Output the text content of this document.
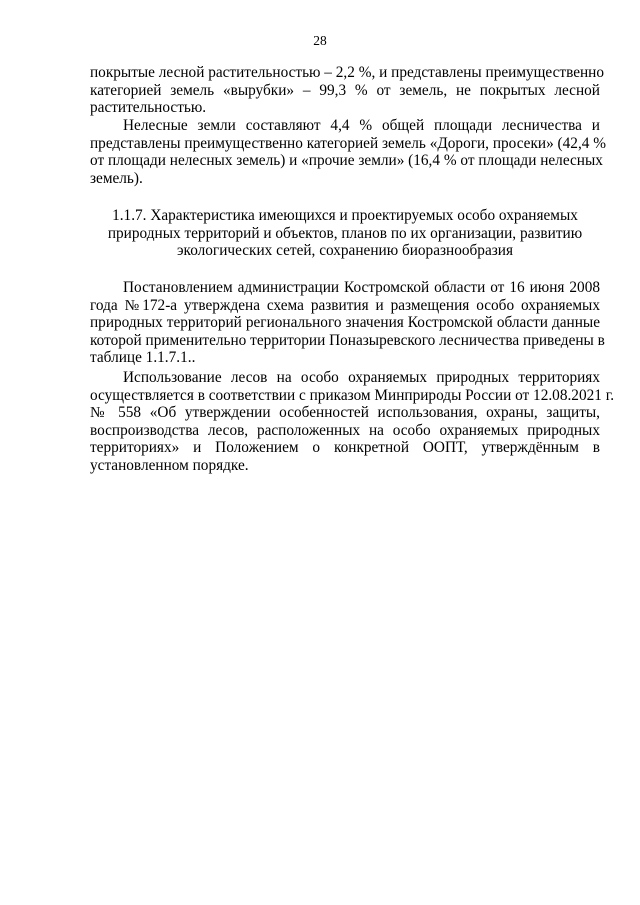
28
покрытые лесной растительностью – 2,2 %, и представлены преимущественно
категорией земель «вырубки» – 99,3 % от земель, не покрытых лесной
растительностью.
Нелесные земли составляют 4,4 % общей площади лесничества и
представлены преимущественно категорией земель «Дороги, просеки» (42,4 %
от площади нелесных земель) и «прочие земли» (16,4 % от площади нелесных
земель).
1.1.7. Характеристика имеющихся и проектируемых особо охраняемых
природных территорий и объектов, планов по их организации, развитию
экологических сетей, сохранению биоразнообразия
Постановлением администрации Костромской области от 16 июня 2008
года №172-а утверждена схема развития и размещения особо охраняемых
природных территорий регионального значения Костромской области данные
которой применительно территории Поназыревского лесничества приведены в
таблице 1.1.7.1..
Использование лесов на особо охраняемых природных территориях
осуществляется в соответствии с приказом Минприроды России от 12.08.2021 г.
№ 558 «Об утверждении особенностей использования, охраны, защиты,
воспроизводства лесов, расположенных на особо охраняемых природных
территориях» и Положением о конкретной ООПТ, утверждённым в
установленном порядке.
